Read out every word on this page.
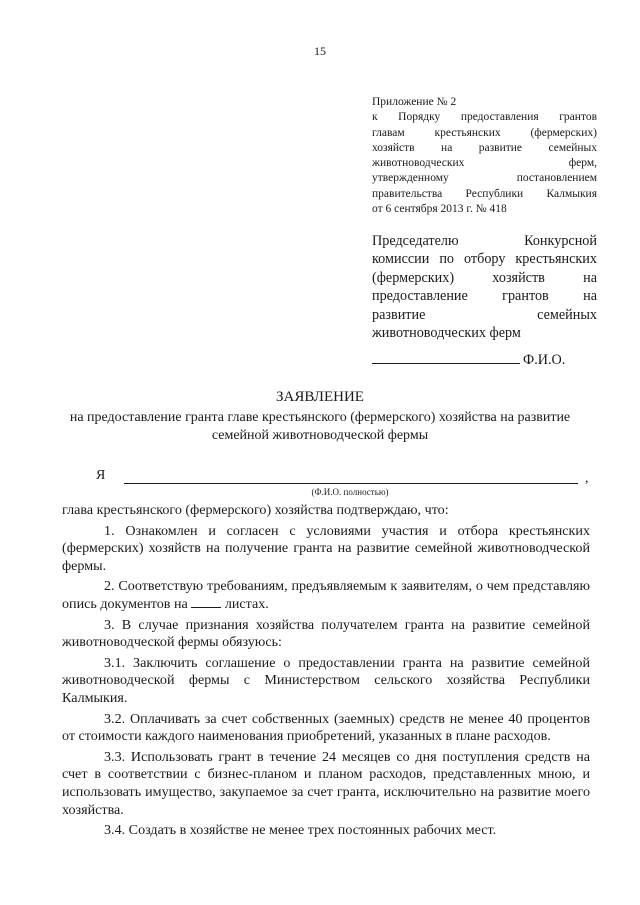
15
Приложение № 2
к Порядку предоставления грантов
главам крестьянских (фермерских)
хозяйств на развитие семейных
животноводческих ферм,
утвержденному постановлением
правительства Республики Калмыкия
от 6 сентября 2013 г. № 418
Председателю Конкурсной
комиссии по отбору крестьянских
(фермерских) хозяйств на
предоставление грантов на
развитие семейных
животноводческих ферм
Ф.И.О.
ЗАЯВЛЕНИЕ
на предоставление гранта главе крестьянского (фермерского) хозяйства на развитие семейной животноводческой фермы
Я	,
(Ф.И.О. полностью)

глава крестьянского (фермерского) хозяйства подтверждаю, что:

1. Ознакомлен и согласен с условиями участия и отбора крестьянских (фермерских) хозяйств на получение гранта на развитие семейной животноводческой фермы.

2. Соответствую требованиям, предъявляемым к заявителям, о чем представляю опись документов на	листах.

3. В случае признания хозяйства получателем гранта на развитие семейной животноводческой фермы обязуюсь:

3.1. Заключить соглашение о предоставлении гранта на развитие семейной животноводческой фермы с Министерством сельского хозяйства Республики Калмыкия.

3.2. Оплачивать за счет собственных (заемных) средств не менее 40 процентов от стоимости каждого наименования приобретений, указанных в плане расходов.

3.3. Использовать грант в течение 24 месяцев со дня поступления средств на счет в соответствии с бизнес-планом и планом расходов, представленных мною, и использовать имущество, закупаемое за счет гранта, исключительно на развитие моего хозяйства.

3.4. Создать в хозяйстве не менее трех постоянных рабочих мест.
